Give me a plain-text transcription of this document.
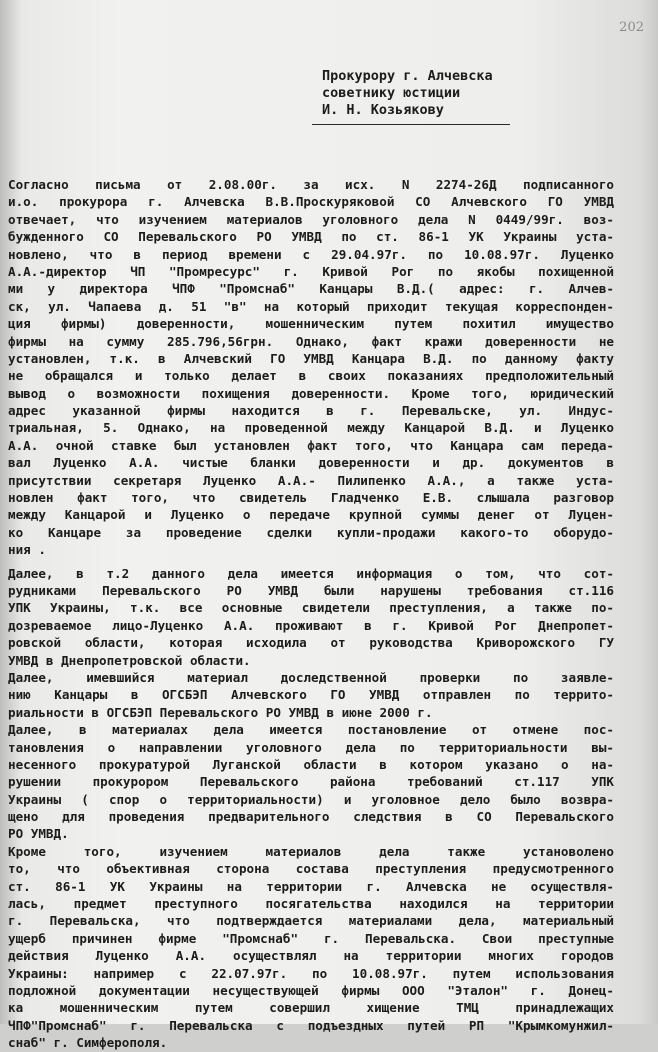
202
Прокурору г. Алчевска
советнику юстиции
И. Н. Козьякову
Согласно письма от 2.08.00г. за исх. N 2274-26Д подписанного
и.о. прокурора г. Алчевска В.В.Проскуряковой СО Алчевского ГО УМВД
отвечает, что изучением материалов уголовного дела N 0449/99г. воз-
бужденного СО Перевальского РО УМВД по ст. 86-1 УК Украины уста-
новлено, что в период времени с 29.04.97г. по 10.08.97г. Луценко
А.А.-директор ЧП "Промресурс" г. Кривой Рог по якобы похищенной
ми у директора ЧПФ "Промснаб" Канцары В.Д.( адрес: г. Алчев-
ск, ул. Чапаева д. 51 "в" на который приходит текущая корреспонден-
ция фирмы) доверенности, мошенническим путем похитил имущество
фирмы на сумму 285.796,56грн. Однако, факт кражи доверенности не
установлен, т.к. в Алчевский ГО УМВД Канцара В.Д. по данному факту
не обращался и только делает в своих показаниях предположительный
вывод о возможности похищения доверенности. Кроме того, юридический
адрес указанной фирмы находится в г. Перевальске, ул. Индус-
триальная, 5. Однако, на проведенной между Канцарой В.Д. и Луценко
А.А. очной ставке был установлен факт того, что Канцара сам переда-
вал Луценко А.А. чистые бланки доверенности и др. документов в
присутствии секретаря Луценко А.А.- Пилипенко А.А., а также уста-
новлен факт того, что свидетель Гладченко Е.В. слышала разговор
между Канцарой и Луценко о передаче крупной суммы денег от Луцен-
ко Канцаре за проведение сделки купли-продажи какого-то оборудо-
ния .
Далее, в т.2 данного дела имеется информация о том, что сот-
рудниками Перевальского РО УМВД были нарушены требования ст.116
УПК Украины, т.к. все основные свидетели преступления, а также по-
дозреваемое лицо-Луценко А.А. проживают в г. Кривой Рог Днепропет-
ровской области, которая исходила от руководства Криворожского ГУ
УМВД в Днепропетровской области.
Далее, имевшийся материал доследственной проверки по заявле-
нию Канцары в ОГСБЭП Алчевского ГО УМВД отправлен по террито-
риальности в ОГСБЭП Перевальского РО УМВД в июне 2000 г.
Далее, в материалах дела имеется постановление от отмене пос-
тановления о направлении уголовного дела по территориальности вы-
несенного прокуратурой Луганской области в котором указано о на-
рушении прокурором Перевальского района требований ст.117 УПК
Украины ( спор о территориальности) и уголовное дело было возвра-
щено для проведения предварительного следствия в СО Перевальского
РО УМВД.
Кроме того, изучением материалов дела также установолено
то, что объективная сторона состава преступления предусмотренного
ст. 86-1 УК Украины на территории г. Алчевска не осуществля-
лась, предмет преступного посягательства находился на территории
г. Перевальска, что подтверждается материалами дела, материальный
ущерб причинен фирме "Промснаб" г. Перевальска. Свои преступные
действия Луценко А.А. осуществлял на территории многих городов
Украины: например с 22.07.97г. по 10.08.97г. путем использования
подложной документации несуществующей фирмы ООО "Эталон" г. Донец-
ка мошенническим путем совершил хищение ТМЦ принадлежащих
ЧПФ"Промснаб" г. Перевальска с подъездных путей РП "Крымкомунжил-
снаб" г. Симферополя.
